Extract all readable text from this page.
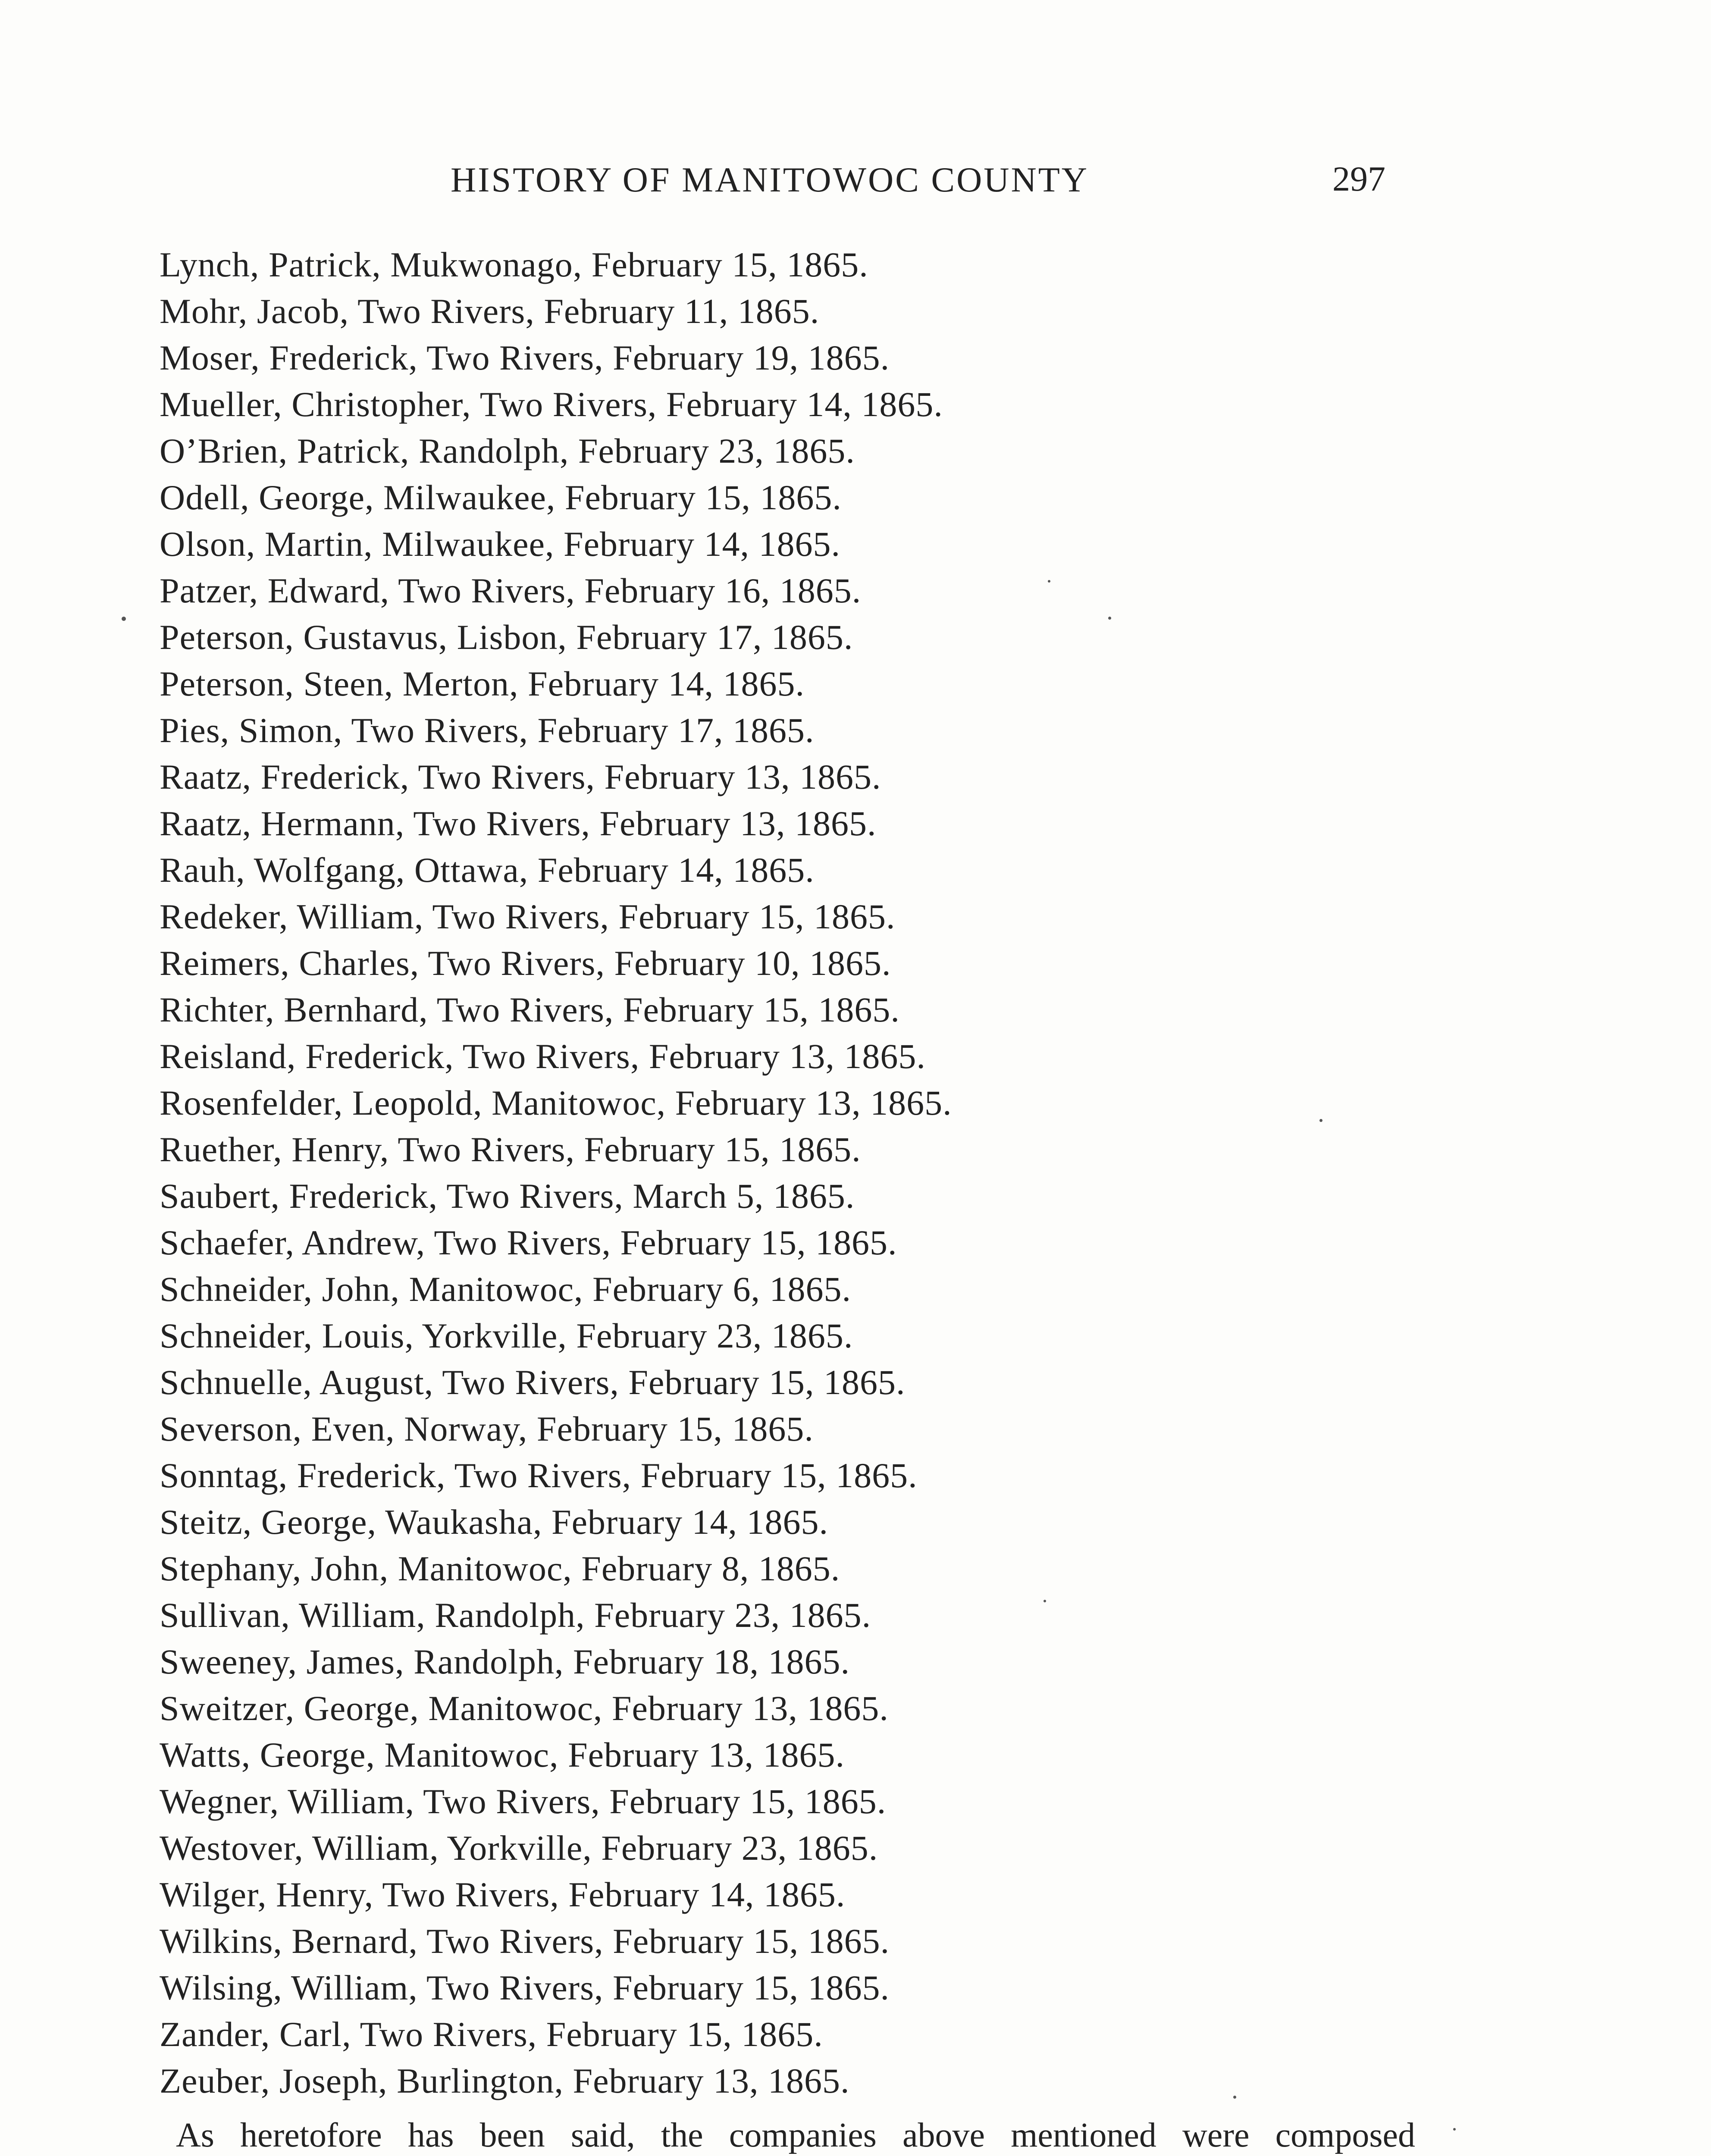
HISTORY OF MANITOWOC COUNTY	297
Lynch, Patrick, Mukwonago, February 15, 1865.
Mohr, Jacob, Two Rivers, February 11, 1865.
Moser, Frederick, Two Rivers, February 19, 1865.
Mueller, Christopher, Two Rivers, February 14, 1865.
O’Brien, Patrick, Randolph, February 23, 1865.
Odell, George, Milwaukee, February 15, 1865.
Olson, Martin, Milwaukee, February 14, 1865.
Patzer, Edward, Two Rivers, February 16, 1865.
Peterson, Gustavus, Lisbon, February 17, 1865.
Peterson, Steen, Merton, February 14, 1865.
Pies, Simon, Two Rivers, February 17, 1865.
Raatz, Frederick, Two Rivers, February 13, 1865.
Raatz, Hermann, Two Rivers, February 13, 1865.
Rauh, Wolfgang, Ottawa, February 14, 1865.
Redeker, William, Two Rivers, February 15, 1865.
Reimers, Charles, Two Rivers, February 10, 1865.
Richter, Bernhard, Two Rivers, February 15, 1865.
Reisland, Frederick, Two Rivers, February 13, 1865.
Rosenfelder, Leopold, Manitowoc, February 13, 1865.
Ruether, Henry, Two Rivers, February 15, 1865.
Saubert, Frederick, Two Rivers, March 5, 1865.
Schaefer, Andrew, Two Rivers, February 15, 1865.
Schneider, John, Manitowoc, February 6, 1865.
Schneider, Louis, Yorkville, February 23, 1865.
Schnuelle, August, Two Rivers, February 15, 1865.
Severson, Even, Norway, February 15, 1865.
Sonntag, Frederick, Two Rivers, February 15, 1865.
Steitz, George, Waukasha, February 14, 1865.
Stephany, John, Manitowoc, February 8, 1865.
Sullivan, William, Randolph, February 23, 1865.
Sweeney, James, Randolph, February 18, 1865.
Sweitzer, George, Manitowoc, February 13, 1865.
Watts, George, Manitowoc, February 13, 1865.
Wegner, William, Two Rivers, February 15, 1865.
Westover, William, Yorkville, February 23, 1865.
Wilger, Henry, Two Rivers, February 14, 1865.
Wilkins, Bernard, Two Rivers, February 15, 1865.
Wilsing, William, Two Rivers, February 15, 1865.
Zander, Carl, Two Rivers, February 15, 1865.
Zeuber, Joseph, Burlington, February 13, 1865.

As heretofore has been said, the companies above mentioned were composed
